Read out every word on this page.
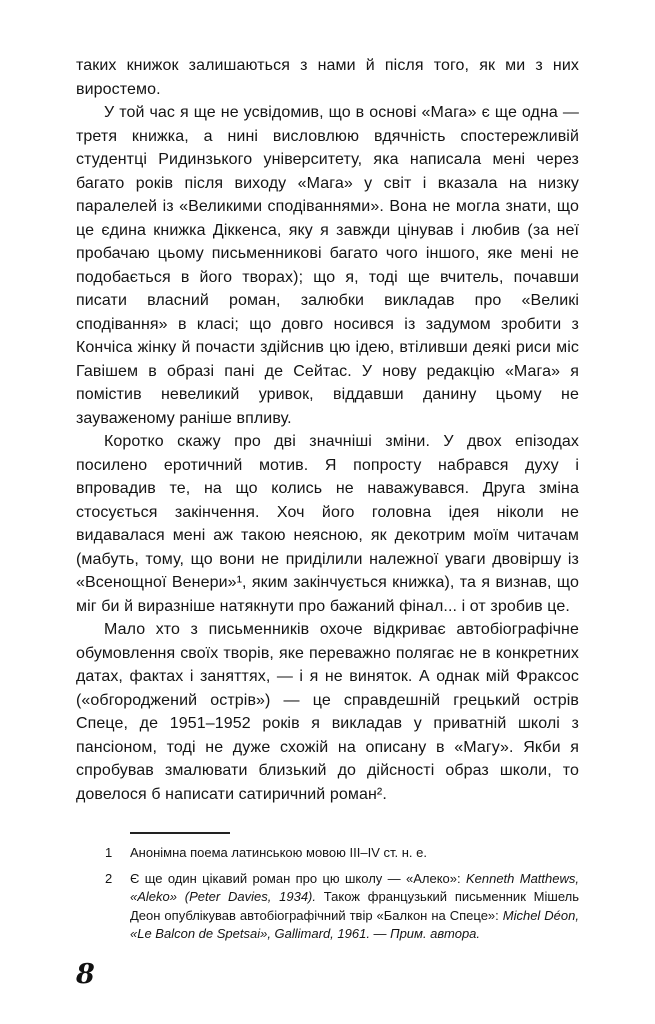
таких книжок залишаються з нами й після того, як ми з них виростемо.

У той час я ще не усвідомив, що в основі «Мага» є ще одна — третя книжка, а нині висловлюю вдячність спостережливій студентці Ридинзького університету, яка написала мені через багато років після виходу «Мага» у світ і вказала на низку паралелей із «Великими сподіваннями». Вона не могла знати, що це єдина книжка Діккенса, яку я завжди цінував і любив (за неї пробачаю цьому письменникові багато чого іншого, яке мені не подобається в його творах); що я, тоді ще вчитель, почавши писати власний роман, залюбки викладав про «Великі сподівання» в класі; що довго носився із задумом зробити з Кончіса жінку й почасти здійснив цю ідею, втіливши деякі риси міс Гавішем в образі пані де Сейтас. У нову редакцію «Мага» я помістив невеликий уривок, віддавши данину цьому не зауваженому раніше впливу.

Коротко скажу про дві значніші зміни. У двох епізодах посилено еротичний мотив. Я попросту набрався духу і впровадив те, на що колись не наважувався. Друга зміна стосується закінчення. Хоч його головна ідея ніколи не видавалася мені аж такою неясною, як декотрим моїм читачам (мабуть, тому, що вони не приділили належної уваги двовіршу із «Всенощної Венери»¹, яким закінчується книжка), та я визнав, що міг би й виразніше натякнути про бажаний фінал... і от зробив це.

Мало хто з письменників охоче відкриває автобіографічне обумовлення своїх творів, яке переважно полягає не в конкретних датах, фактах і заняттях, — і я не виняток. А однак мій Фраксос («обгороджений острів») — це справдешній грецький острів Спеце, де 1951–1952 років я викладав у приватній школі з пансіоном, тоді не дуже схожій на описану в «Магу». Якби я спробував змалювати близький до дійсності образ школи, то довелося б написати сатиричний роман².

1 Анонімна поема латинською мовою III–IV ст. н. е.
2 Є ще один цікавий роман про цю школу — «Алеко»: Kenneth Matthews, «Aleko» (Peter Davies, 1934). Також французький письменник Мішель Деон опублікував автобіографічний твір «Балкон на Спеце»: Michel Déon, «Le Balcon de Spetsai», Gallimard, 1961. — Прим. автора.
8
